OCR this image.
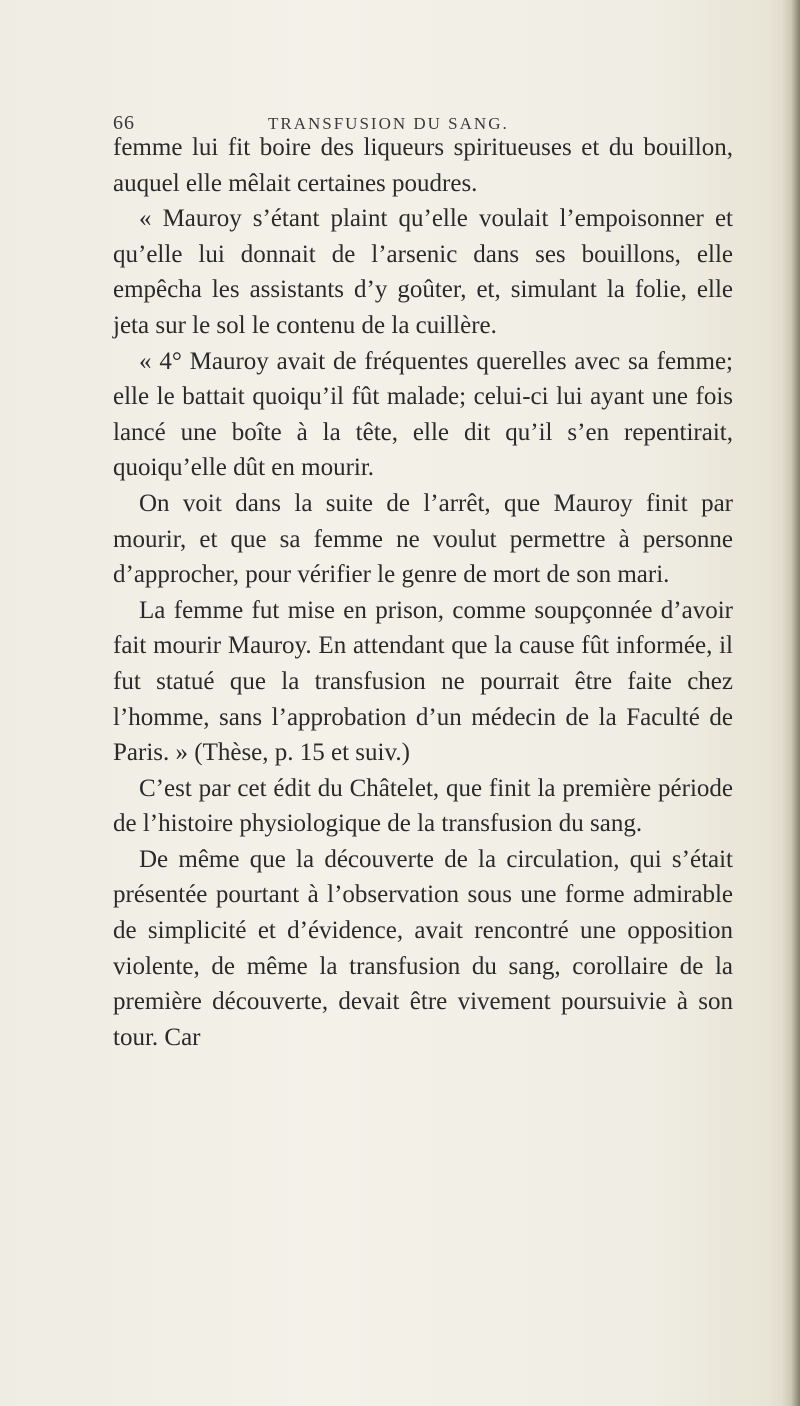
66	TRANSFUSION DU SANG.

femme lui fit boire des liqueurs spiritueuses et du bouillon, auquel elle mêlait certaines poudres.

« Mauroy s’étant plaint qu’elle voulait l’empoisonner et qu’elle lui donnait de l’arsenic dans ses bouillons, elle empêcha les assistants d’y goûter, et, simulant la folie, elle jeta sur le sol le contenu de la cuillère.

« 4° Mauroy avait de fréquentes querelles avec sa femme; elle le battait quoiqu’il fût malade; celui-ci lui ayant une fois lancé une boîte à la tête, elle dit qu’il s’en repentirait, quoiqu’elle dût en mourir.

On voit dans la suite de l’arrêt, que Mauroy finit par mourir, et que sa femme ne voulut permettre à personne d’approcher, pour vérifier le genre de mort de son mari.

La femme fut mise en prison, comme soupçonnée d’avoir fait mourir Mauroy. En attendant que la cause fût informée, il fut statué que la transfusion ne pourrait être faite chez l’homme, sans l’approbation d’un médecin de la Faculté de Paris. » (Thèse, p. 15 et suiv.)

C’est par cet édit du Châtelet, que finit la première période de l’histoire physiologique de la transfusion du sang.

De même que la découverte de la circulation, qui s’était présentée pourtant à l’observation sous une forme admirable de simplicité et d’évidence, avait rencontré une opposition violente, de même la transfusion du sang, corollaire de la première découverte, devait être vivement poursuivie à son tour. Car
